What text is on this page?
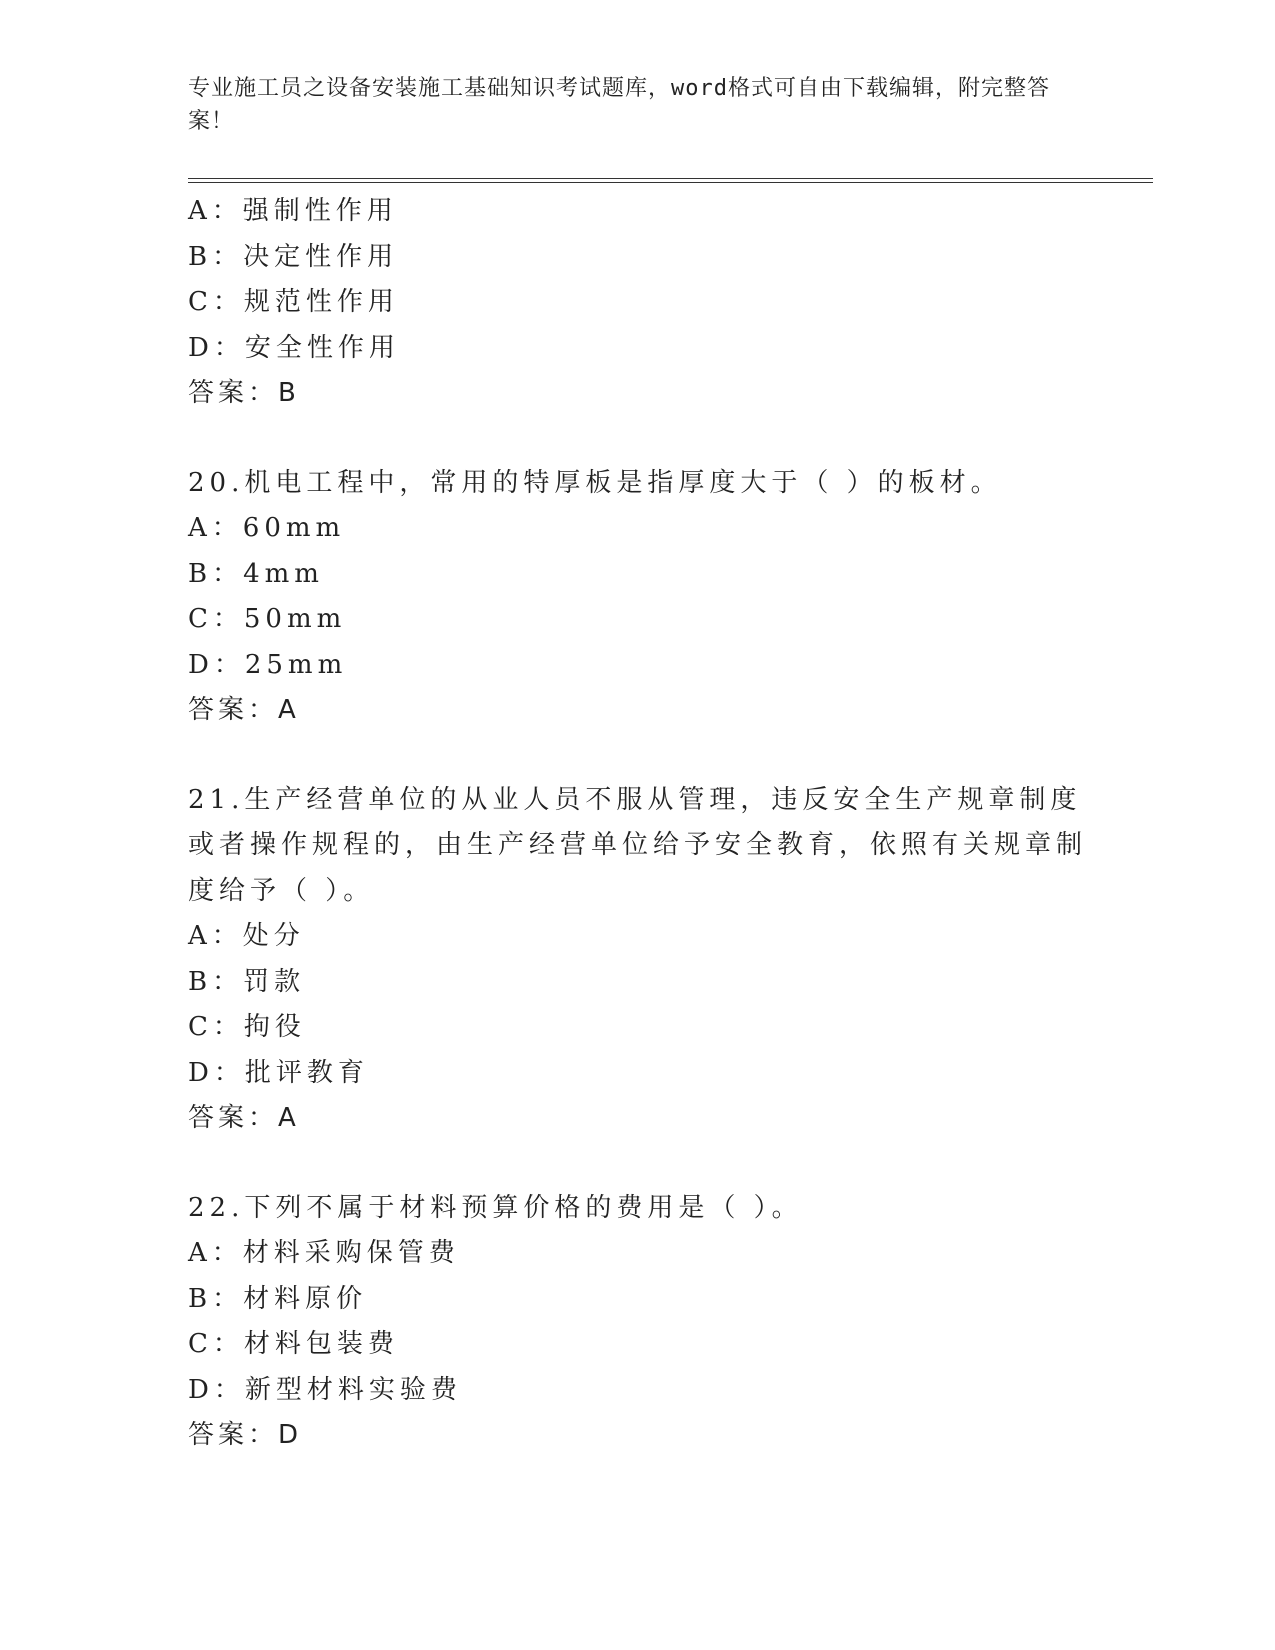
专业施工员之设备安装施工基础知识考试题库，word格式可自由下载编辑，附完整答案！
A：强制性作用
B：决定性作用
C：规范性作用
D：安全性作用
答案：B
20.机电工程中，常用的特厚板是指厚度大于（ ）的板材。
A：60mm
B：4mm
C：50mm
D：25mm
答案：A
21.生产经营单位的从业人员不服从管理，违反安全生产规章制度或者操作规程的，由生产经营单位给予安全教育，依照有关规章制度给予（ ）。
A：处分
B：罚款
C：拘役
D：批评教育
答案：A
22.下列不属于材料预算价格的费用是（ ）。
A：材料采购保管费
B：材料原价
C：材料包装费
D：新型材料实验费
答案：D
